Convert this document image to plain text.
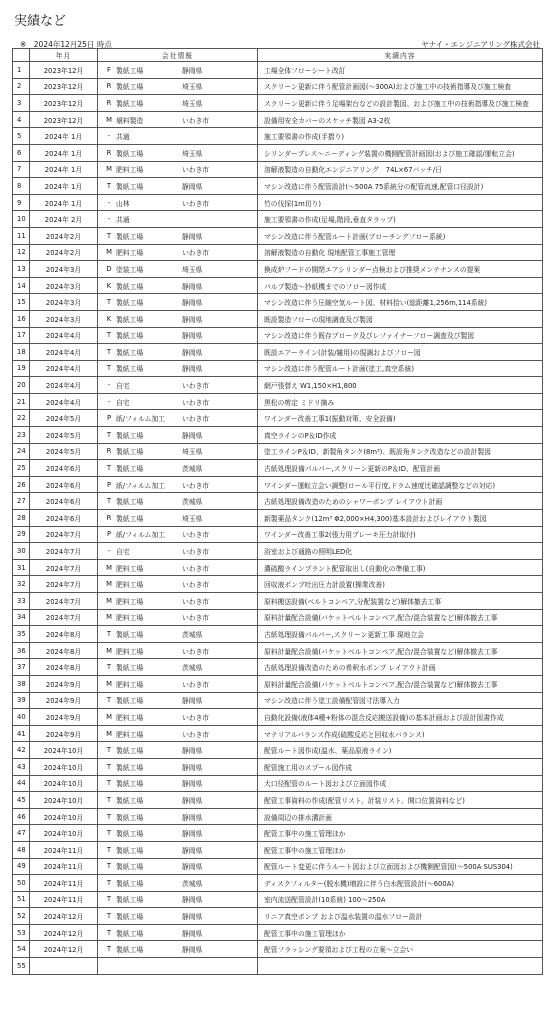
実績など
※　2024年12月25日 時点	ヤナイ・エンジニアリング株式会社
	年月	会社情報	実績内容
1	2023年12月	F 製紙工場 静岡県	工場全体フローシート改訂
2	2023年12月	R 製紙工場 埼玉県	スクリーン更新に伴う配管計画図(～300A)および施工中の技術指導及び施工検査
3	2023年12月	R 製紙工場 埼玉県	スクリーン更新に伴う足場架台などの設計製図、および施工中の技術指導及び施工検査
4	2023年12月	M 塡料製造 いわき市	設備用安全カバーのスケッチ製図 A3-2枚
5	2024年 1月	- 共通	施工要領書の作成(手摺り)
6	2024年 1月	R 製紙工場 埼玉県	シリンダープレス～ニーディング装置の機側配管計画図(および施工確認/運転立会)
7	2024年 1月	M 肥料工場 いわき市	溶解液製造の自動化エンジニアリング　74L×67バッチ/日
8	2024年 1月	T 製紙工場 静岡県	マシン改造に伴う配管設計(～500A 75系統分の配管流速,配管口径設計)
9	2024年 1月	- 山林 いわき市	竹の伐採(1m切り)
10	2024年 2月	- 共通	施工要領書の作成(足場,階段,垂直タラップ)
11	2024年2月	T 製紙工場 静岡県	マシン改造に伴う配管ルート計画(ブローチングフロー系統)
12	2024年2月	M 肥料工場 いわき市	溶解液製造の自動化 現地配管工事施工管理
13	2024年3月	D 塗装工場 埼玉県	換成炉フードの開閉エアシリンダー点検および推奨メンテナンスの提案
14	2024年3月	K 製紙工場 静岡県	パルプ製造～抄紙機までのフロー図作成
15	2024年3月	T 製紙工場 静岡県	マシン改造に伴う圧縮空気ルート図、材料拾い(総距離1,256m,114系統)
16	2024年3月	K 製紙工場 静岡県	既設製造フローの現地調査及び製図
17	2024年4月	T 製紙工場 静岡県	マシン改造に伴う既存ブローク及びレファイナーフロー調査及び製図
18	2024年4月	T 製紙工場 静岡県	既設エアーライン(計装/雑用)の現調およびフロー図
19	2024年4月	T 製紙工場 静岡県	マシン改造に伴う配管ルート計画(塗工,真空系統)
20	2024年4月	- 自宅 いわき市	網戸張替え W1,150×H1,800
21	2024年4月	- 自宅 いわき市	黒松の剪定 ミドリ摘み
22	2024年5月	P 紙/フィルム加工 いわき市	ワインダー改善工事1(振動対策、安全設備)
23	2024年5月	T 製紙工場 静岡県	真空ラインのP＆ID作成
24	2024年5月	R 製紙工場 埼玉県	塗工ラインP＆ID、新製角タンク(8m³)、既設角タンク改造などの設計製図
25	2024年6月	T 製紙工場 茨城県	古紙処理設備パルパー,スクリーン更新のP＆ID、配管計画
26	2024年6月	P 紙/フィルム加工 いわき市	ワインダー運転立会い調整(ロール平行度,ドラム速度比確認調整などの対応)
27	2024年6月	T 製紙工場 茨城県	古紙処理設備改造のためのシャワーポンプ レイアウト計画
28	2024年6月	R 製紙工場 埼玉県	新製薬品タンク(12m³ Φ2,000×H4,300)基本設計およびレイアウト製図
29	2024年7月	P 紙/フィルム加工 いわき市	ワインダー改善工事2(張力用ブレーキ圧力計取付)
30	2024年7月	- 自宅 いわき市	浴室および通路の照明LED化
31	2024年7月	M 肥料工場 いわき市	濃硫酸ラインプラント配管取出し(自動化の準備工事)
32	2024年7月	M 肥料工場 いわき市	回収液ポンプ吐出圧力計設置(操業改善)
33	2024年7月	M 肥料工場 いわき市	原料搬送設備(ベルトコンベア,分配装置など)解体撤去工事
34	2024年7月	M 肥料工場 いわき市	原料計量配合設備(バケットベルトコンベア,配合/混合装置など)解体撤去工事
35	2024年8月	T 製紙工場 茨城県	古紙処理設備パルパー,スクリーン更新工事 現地立会
36	2024年8月	M 肥料工場 いわき市	原料計量配合設備(バケットベルトコンベア,配合/混合装置など)解体撤去工事
37	2024年8月	T 製紙工場 茨城県	古紙処理設備改造のための希釈水ポンプ レイアウト計画
38	2024年9月	M 肥料工場 いわき市	原料計量配合設備(バケットベルトコンベア,配合/混合装置など)解体撤去工事
39	2024年9月	T 製紙工場 静岡県	マシン改造に伴う塗工設備配管図寸法導入力
40	2024年9月	M 肥料工場 いわき市	自動化設備(液体4種+粉体の混合反応搬送設備)の基本計画および設計図書作成
41	2024年9月	M 肥料工場 いわき市	マテリアルバランス作成(硫酸反応と回収水バランス)
42	2024年10月	T 製紙工場 静岡県	配管ルート図作成(温水、薬品原液ライン)
43	2024年10月	T 製紙工場 静岡県	配管施工用のスプール図作成
44	2024年10月	T 製紙工場 静岡県	大口径配管のルート図および立面図作成
45	2024年10月	T 製紙工場 静岡県	配管工事資料の作成(配管リスト、計装リスト、開口位置資料など)
46	2024年10月	T 製紙工場 静岡県	設備周辺の排水溝計画
47	2024年10月	T 製紙工場 静岡県	配管工事中の施工管理ほか
48	2024年11月	T 製紙工場 静岡県	配管工事中の施工管理ほか
49	2024年11月	T 製紙工場 静岡県	配管ルート変更に伴うルート図および立面図および機側配管図(～500A SUS304)
50	2024年11月	T 製紙工場 茨城県	ディスクフィルター(脱水機)増設に伴う白水配管設計(～600A)
51	2024年11月	T 製紙工場 静岡県	室内流送配管設計(10系統) 100～250A
52	2024年12月	T 製紙工場 静岡県	リニア真空ポンプ および温水装置の温水フロー設計
53	2024年12月	T 製紙工場 静岡県	配管工事中の施工管理ほか
54	2024年12月	T 製紙工場 静岡県	配管フラッシング要領および工程の立案～立会い
55		
